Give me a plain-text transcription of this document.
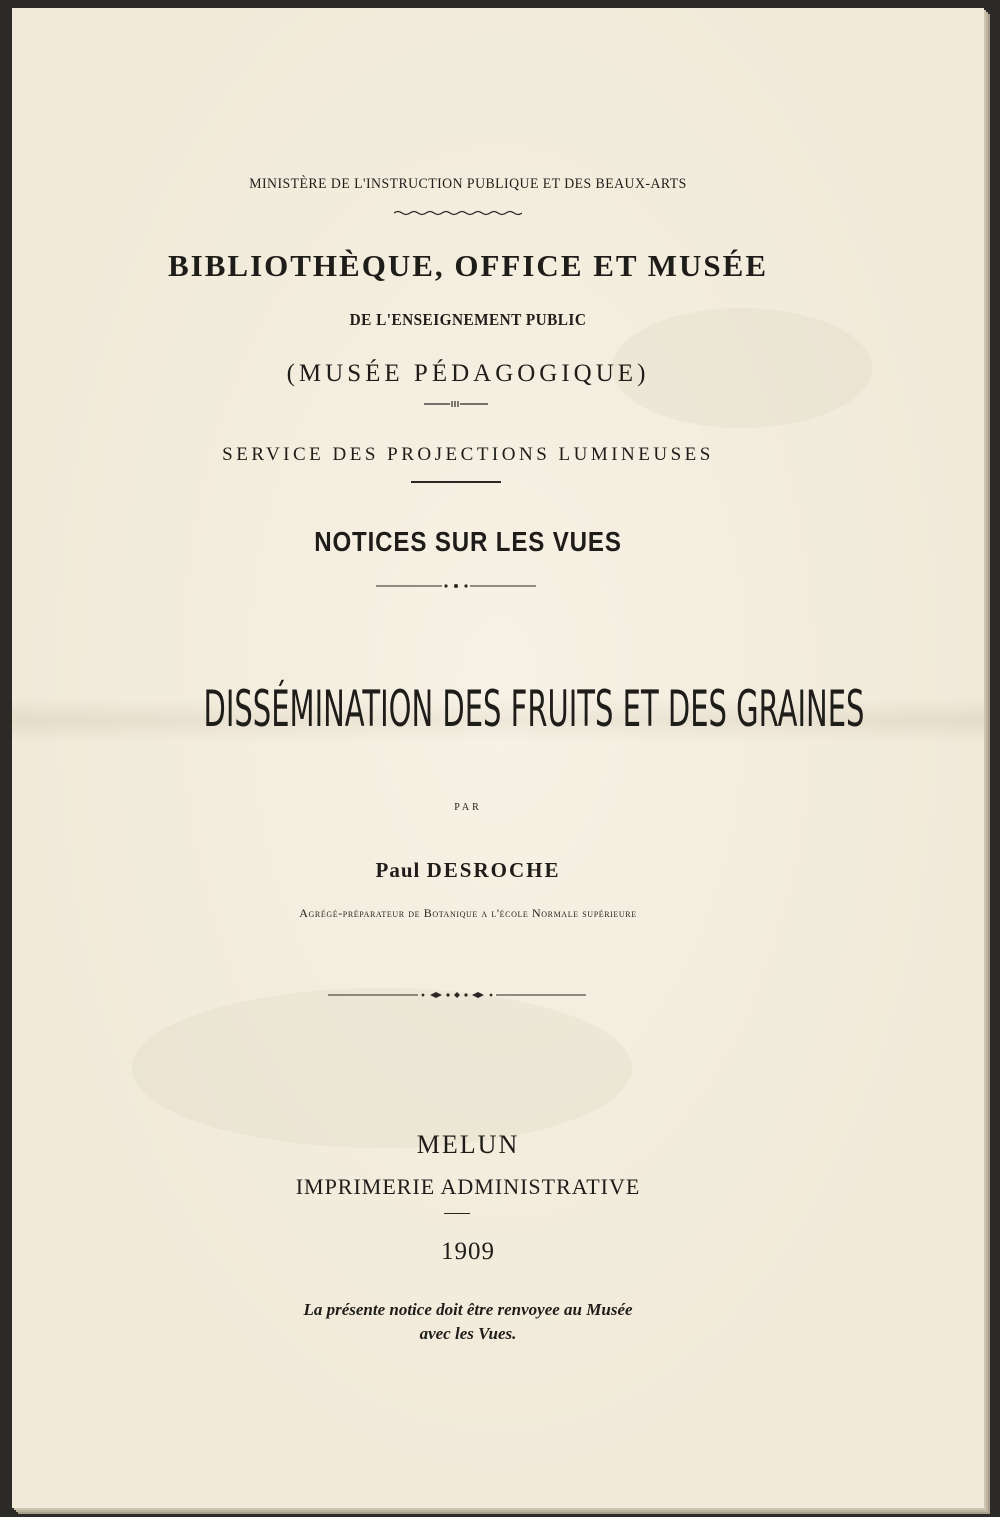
MINISTÈRE DE L'INSTRUCTION PUBLIQUE ET DES BEAUX-ARTS
BIBLIOTHÈQUE, OFFICE ET MUSÉE
DE L'ENSEIGNEMENT PUBLIC
(MUSÉE PÉDAGOGIQUE)
SERVICE DES PROJECTIONS LUMINEUSES
NOTICES SUR LES VUES
DISSÉMINATION DES FRUITS ET DES GRAINES
PAR
Paul DESROCHE
Agrégé-préparateur de Botanique a l'école Normale supérieure
MELUN
IMPRIMERIE ADMINISTRATIVE
1909
La présente notice doit être renvoyee au Musée
avec les Vues.
